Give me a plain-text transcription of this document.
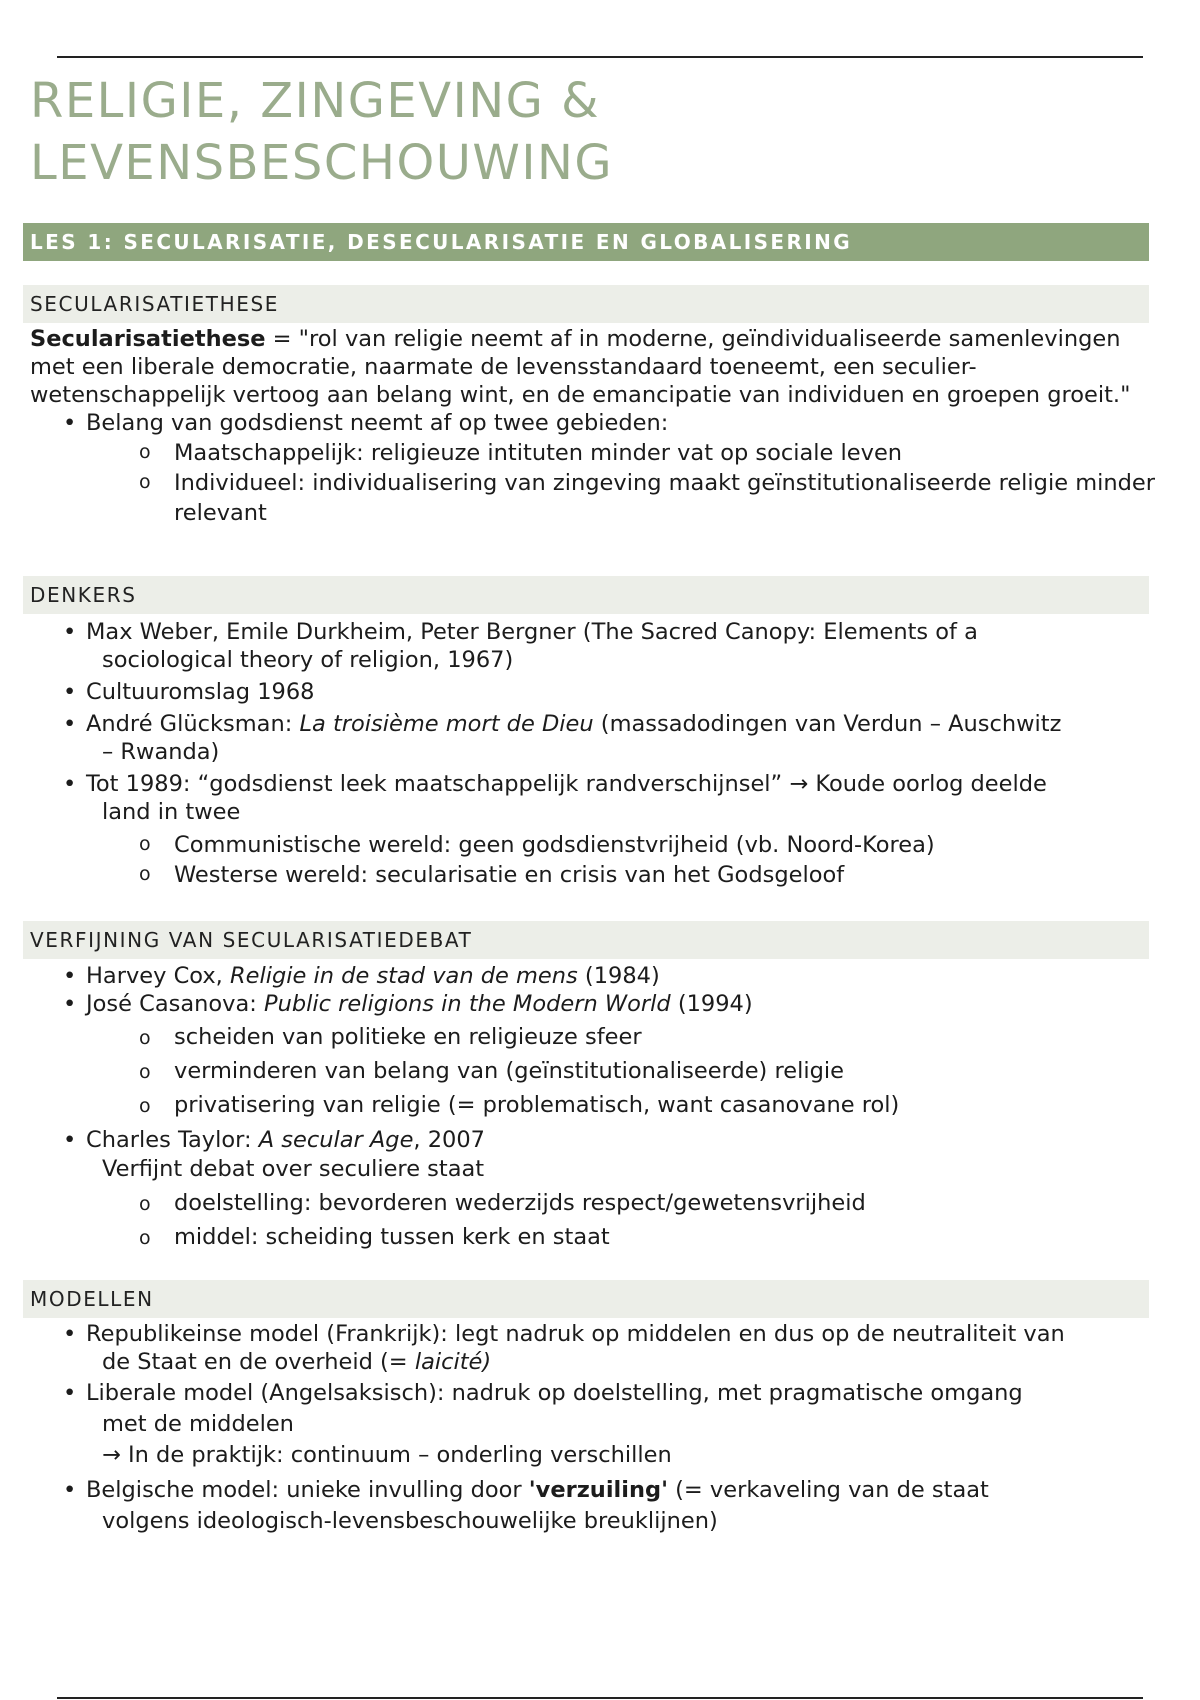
RELIGIE, ZINGEVING &
LEVENSBESCHOUWING
LES 1: SECULARISATIE, DESECULARISATIE EN GLOBALISERING
SECULARISATIETHESE

Secularisatiethese = "rol van religie neemt af in moderne, geïndividualiseerde samenlevingen met een liberale democratie, naarmate de levensstandaard toeneemt, een seculier-wetenschappelijk vertoog aan belang wint, en de emancipatie van individuen en groepen groeit."

• Belang van godsdienst neemt af op twee gebieden:
o Maatschappelijk: religieuze intituten minder vat op sociale leven
o Individueel: individualisering van zingeving maakt geïnstitutionaliseerde religie minder relevant
DENKERS
• Max Weber, Emile Durkheim, Peter Bergner (The Sacred Canopy: Elements of a
sociological theory of religion, 1967)
• Cultuuromslag 1968
• André Glücksman: La troisième mort de Dieu (massadodingen van Verdun – Auschwitz
– Rwanda)
• Tot 1989: “godsdienst leek maatschappelijk randverschijnsel” → Koude oorlog deelde
land in twee
o Communistische wereld: geen godsdienstvrijheid (vb. Noord-Korea)
o Westerse wereld: secularisatie en crisis van het Godsgeloof
VERFIJNING VAN SECULARISATIEDEBAT
• Harvey Cox, Religie in de stad van de mens (1984)
• José Casanova: Public religions in the Modern World (1994)
o scheiden van politieke en religieuze sfeer
o verminderen van belang van (geïnstitutionaliseerde) religie
o privatisering van religie (= problematisch, want casanovane rol)
• Charles Taylor: A secular Age, 2007
Verfijnt debat over seculiere staat
o doelstelling: bevorderen wederzijds respect/gewetensvrijheid
o middel: scheiding tussen kerk en staat
MODELLEN
• Republikeinse model (Frankrijk): legt nadruk op middelen en dus op de neutraliteit van
de Staat en de overheid (= laicité)
• Liberale model (Angelsaksisch): nadruk op doelstelling, met pragmatische omgang
met de middelen
→ In de praktijk: continuum – onderling verschillen
• Belgische model: unieke invulling door 'verzuiling' (= verkaveling van de staat
volgens ideologisch-levensbeschouwelijke breuklijnen)
